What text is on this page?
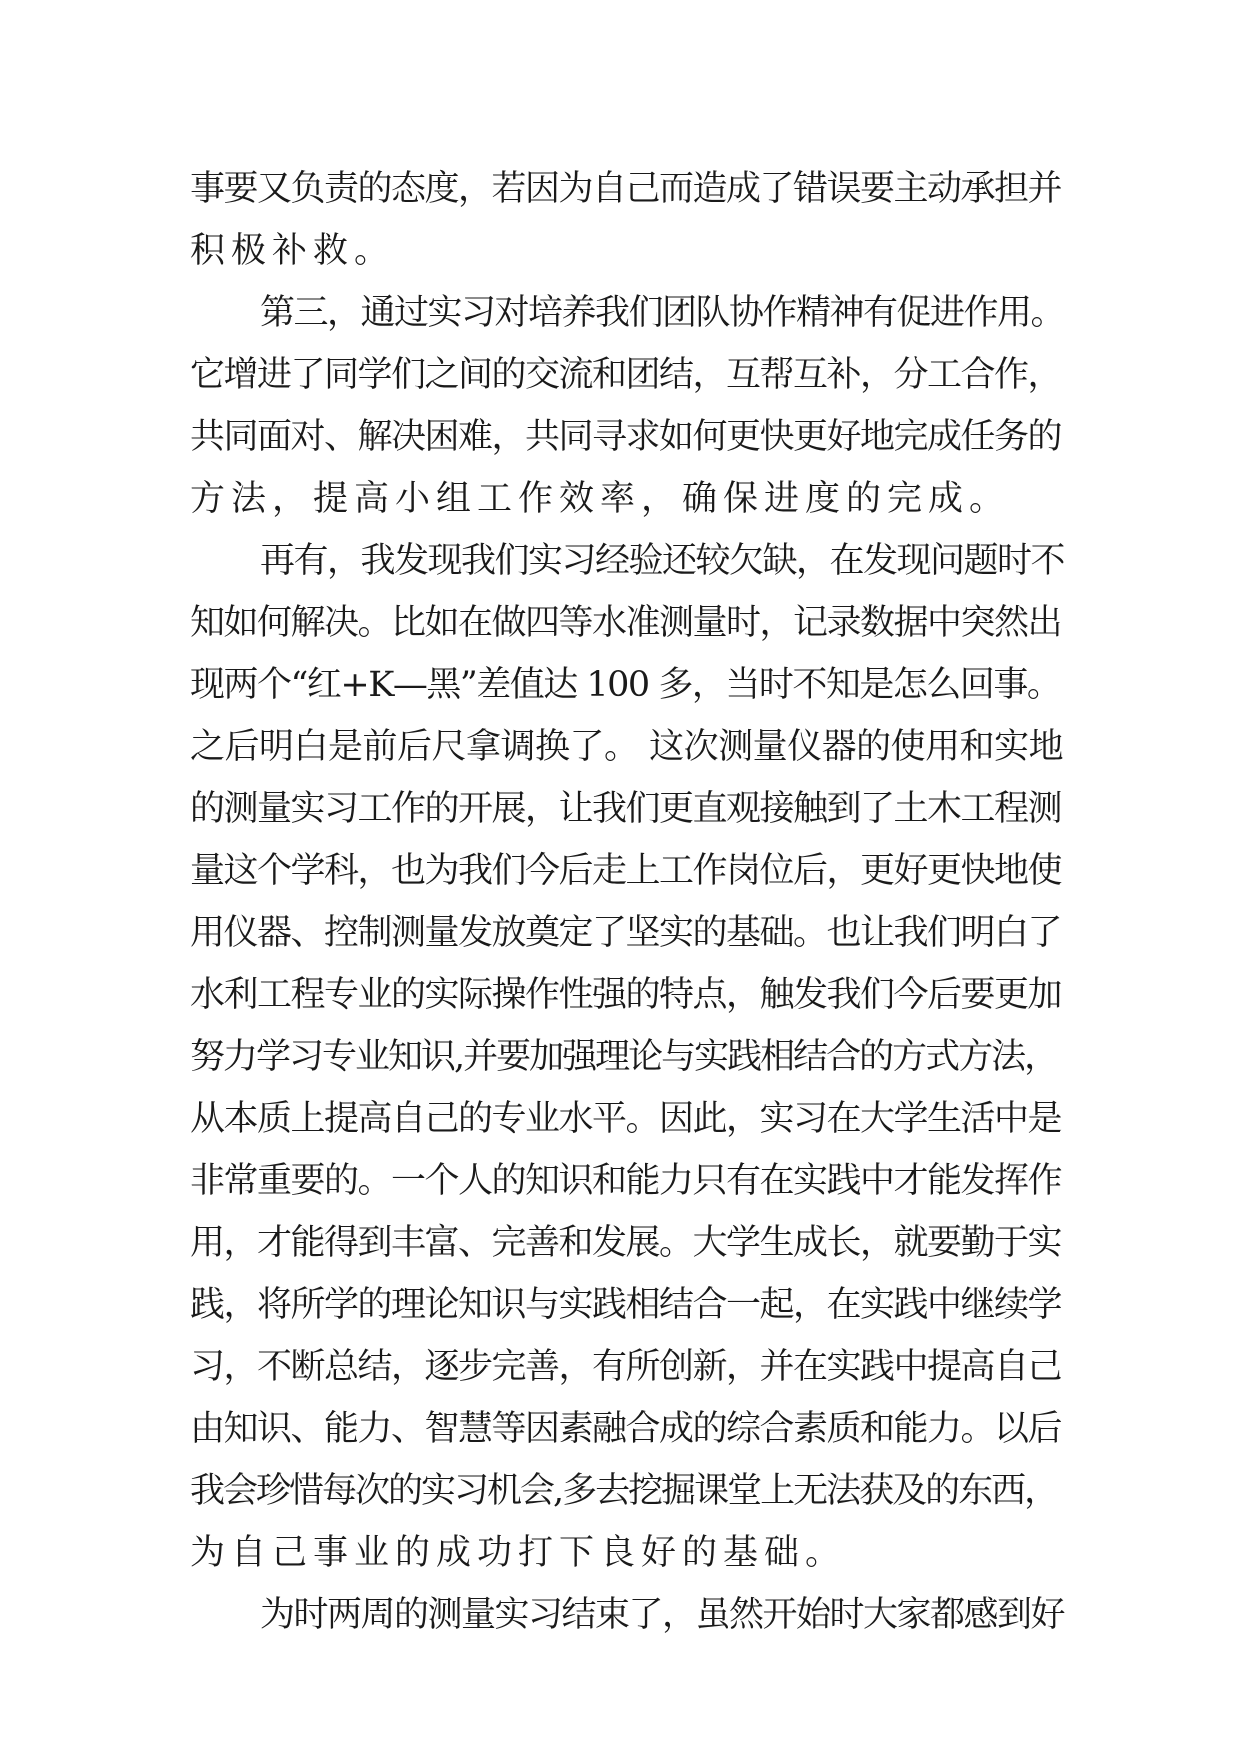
事要又负责的态度，若因为自己而造成了错误要主动承担并
积极补救。
第三，通过实习对培养我们团队协作精神有促进作用。
它增进了同学们之间的交流和团结，互帮互补，分工合作，
共同面对、解决困难，共同寻求如何更快更好地完成任务的
方法，提高小组工作效率，确保进度的完成。
再有，我发现我们实习经验还较欠缺，在发现问题时不
知如何解决。比如在做四等水准测量时，记录数据中突然出
现两个“红+K—黑”差值达 100 多，当时不知是怎么回事。
之后明白是前后尺拿调换了。 这次测量仪器的使用和实地
的测量实习工作的开展，让我们更直观接触到了土木工程测
量这个学科，也为我们今后走上工作岗位后，更好更快地使
用仪器、控制测量发放奠定了坚实的基础。也让我们明白了
水利工程专业的实际操作性强的特点，触发我们今后要更加
努力学习专业知识,并要加强理论与实践相结合的方式方法，
从本质上提高自己的专业水平。因此，实习在大学生活中是
非常重要的。一个人的知识和能力只有在实践中才能发挥作
用，才能得到丰富、完善和发展。大学生成长，就要勤于实
践，将所学的理论知识与实践相结合一起，在实践中继续学
习，不断总结，逐步完善，有所创新，并在实践中提高自己
由知识、能力、智慧等因素融合成的综合素质和能力。以后
我会珍惜每次的实习机会,多去挖掘课堂上无法获及的东西，
为自己事业的成功打下良好的基础。
为时两周的测量实习结束了，虽然开始时大家都感到好
